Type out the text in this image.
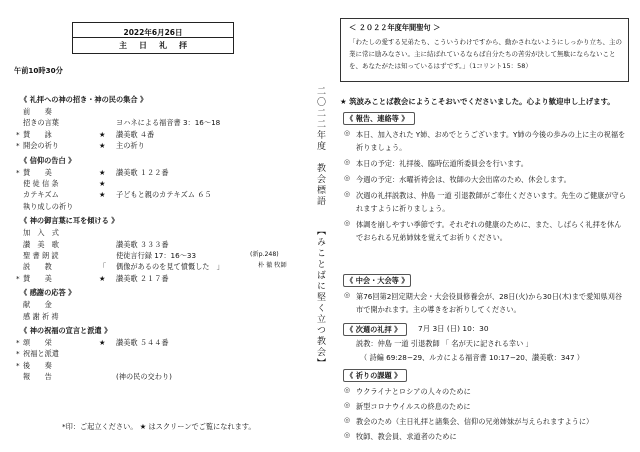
2022年6月26日
主日礼拝
午前10時30分
《 礼拝への神の招き・神の民の集合 》
前　　奏
招きの言葉	ヨハネによる福音書 3：16〜18
* 賛　　詠	★ 讃美歌 ４番
* 開会の祈り	★ 主の祈り
《 信仰の告白 》
* 賛　　美	★ 讃美歌 １２２番
使 徒 信 条	★
カテキズム	★ 子どもと親のカテキズム ６５
執り成しの祈り
《 神の御言葉に耳を傾ける 》
加　入　式
讃　美　歌	讃美歌 ３３３番
聖 書 朗 読	使徒言行録 17：16〜33	(新p.248)
説　　教	「 偶像があるのを見て憤慨した　」	朴 徹 牧師
* 賛　　美	★ 讃美歌 ２１７番
《 感謝の応答 》
献　　金
感 謝 祈 祷
《 神の祝福の宣言と派遣 》
* 頌　　栄	★ 讃美歌 ５４４番
* 祝福と派遣
* 後　　奏
報　　告	(神の民の交わり)
*印：ご起立ください。 ★ はスクリーンでご覧になれます。
二〇二二年度　教会標語
【みことばに堅く立つ教会】
＜ ２０２２年度年間聖句 ＞
「わたしの愛する兄弟たち、こういうわけですから、動かされないようにしっかり立ち、主の業に常に励みなさい。主に結ばれているならば自分たちの苦労が決して無駄にならないことを、あなたがたは知っているはずです。」（1コリント15：58）
★ 筑波みことば教会にようこそおいでくださいました。心より歓迎申し上げます。
《 報告、連絡等 》
◎ 本日、加入された Y姉、おめでとうございます。Y姉の今後の歩みの上に主の祝福を祈りましょう。
◎ 本日の予定：礼拝後、臨時伝道所委員会を行います。
◎ 今週の予定：水曜祈祷会は、牧師の大会出席のため、休会します。
◎ 次週の礼拝説教は、仲島 一道 引退教師がご奉仕くださいます。先生のご健康が守られますように祈りましょう。
◎ 体調を崩しやすい季節です。それぞれの健康のために、また、しばらく礼拝を休んでおられる兄弟姉妹を覚えてお祈りください。
《 中会・大会等 》
◎ 第76回第2回定期大会・大会役員修養会が、28日(火)から30日(木)まで愛知県刈谷市で開かれます。主の導きをお祈りしてください。
《 次週の礼拝 》 7月 3日 (日) 10：30
説教：仲島 一道 引退教師 「 名が天に記される幸い 」
（ 詩編 69:28−29、ルカによる福音書 10:17−20、讃美歌：347 ）
《 祈りの課題 》
◎ ウクライナとロシアの人々のために
◎ 新型コロナウイルスの終息のために
◎ 教会のため（主日礼拝と諸集会、信仰の兄弟姉妹が与えられますように）
◎ 牧師、教会員、求道者のために
